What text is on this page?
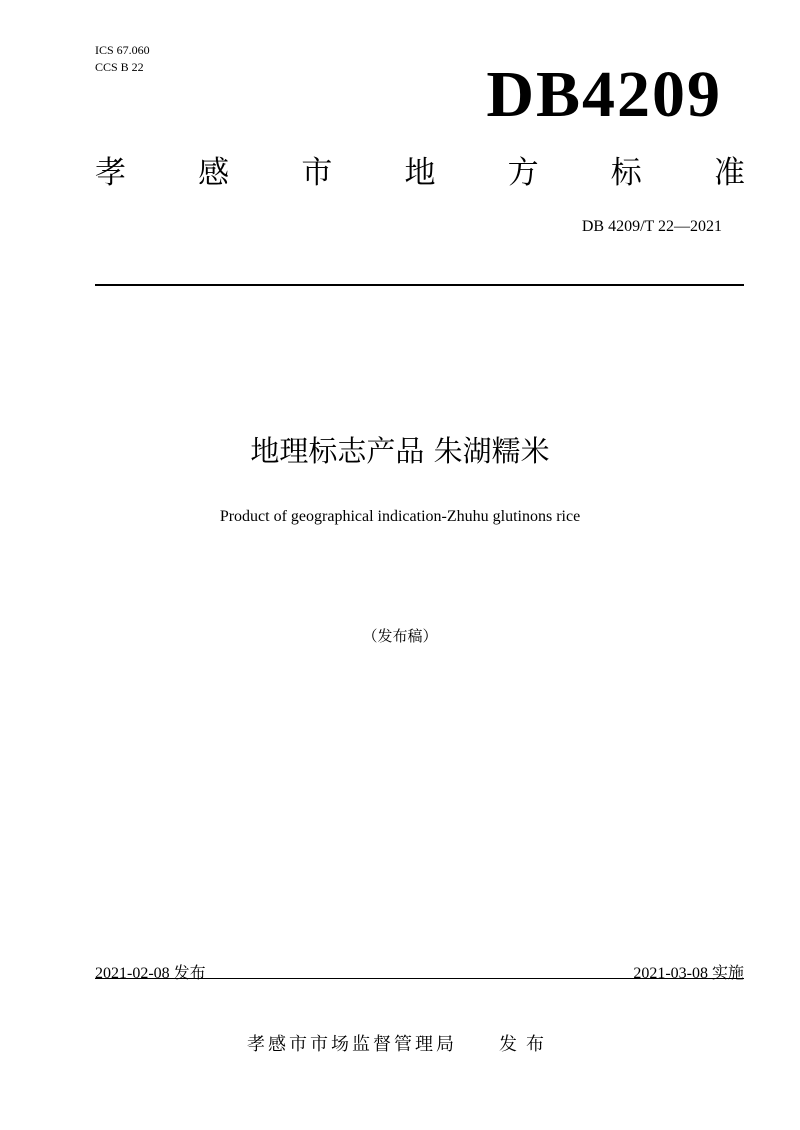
ICS 67.060
CCS B 22	DB4209
孝 感 市 地 方 标 准
DB 4209/T 22—2021
地理标志产品 朱湖糯米
Product of geographical indication-Zhuhu glutinons rice
（发布稿）
2021-02-08 发布	2021-03-08 实施
孝感市市场监督管理局 发布
